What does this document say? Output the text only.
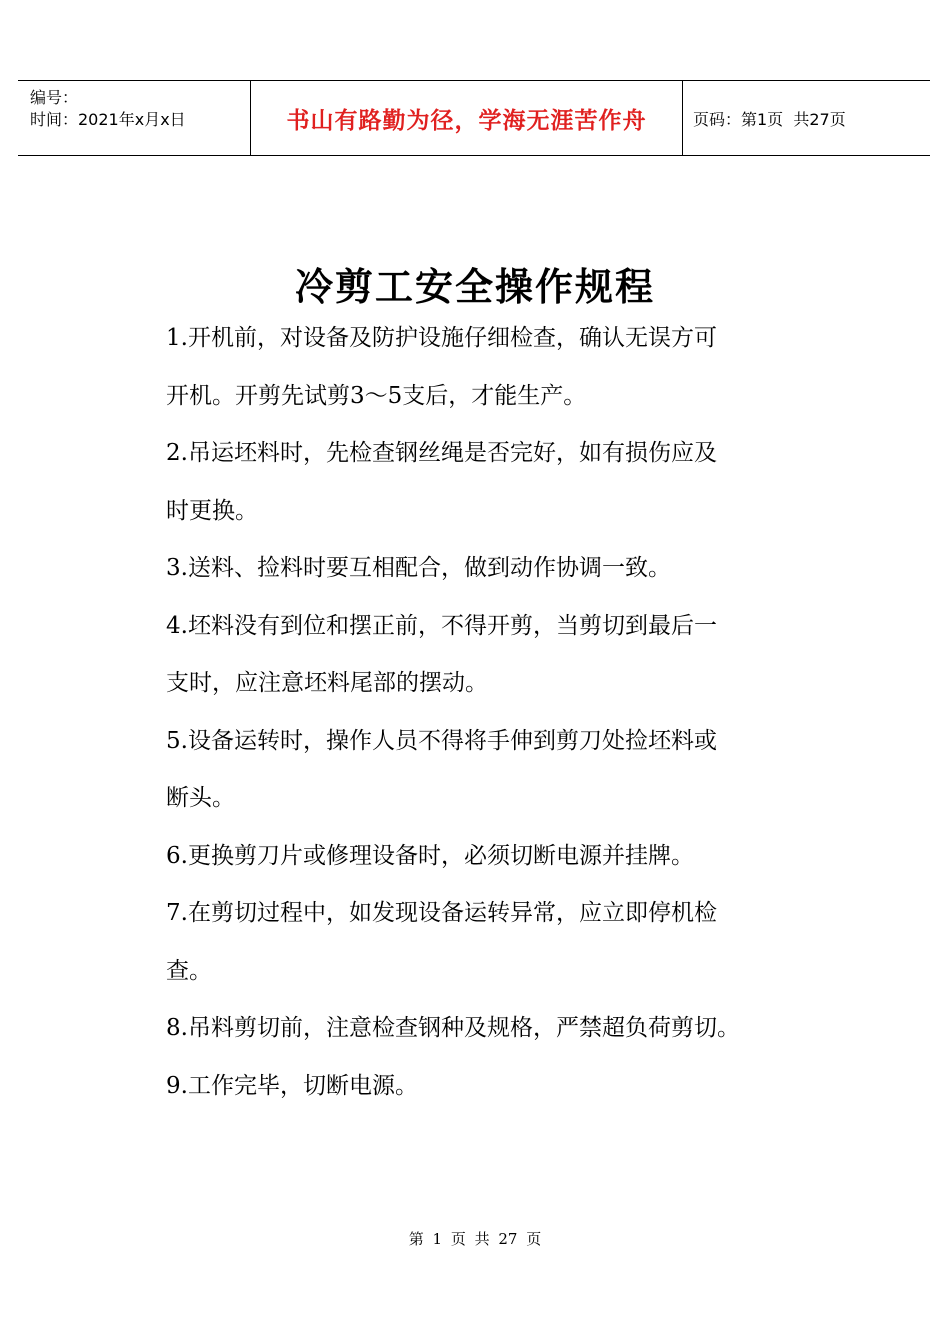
编号：
时间：2021年x月x日	书山有路勤为径，学海无涯苦作舟	页码：第1页  共27页
冷剪工安全操作规程

1.开机前，对设备及防护设施仔细检查，确认无误方可

开机。开剪先试剪3～5支后，才能生产。

2.吊运坯料时，先检查钢丝绳是否完好，如有损伤应及

时更换。

3.送料、捡料时要互相配合，做到动作协调一致。

4.坯料没有到位和摆正前，不得开剪，当剪切到最后一

支时，应注意坯料尾部的摆动。

5.设备运转时，操作人员不得将手伸到剪刀处捡坯料或

断头。

6.更换剪刀片或修理设备时，必须切断电源并挂牌。

7.在剪切过程中，如发现设备运转异常，应立即停机检

查。

8.吊料剪切前，注意检查钢种及规格，严禁超负荷剪切。

9.工作完毕，切断电源。

第 1 页 共 27 页
